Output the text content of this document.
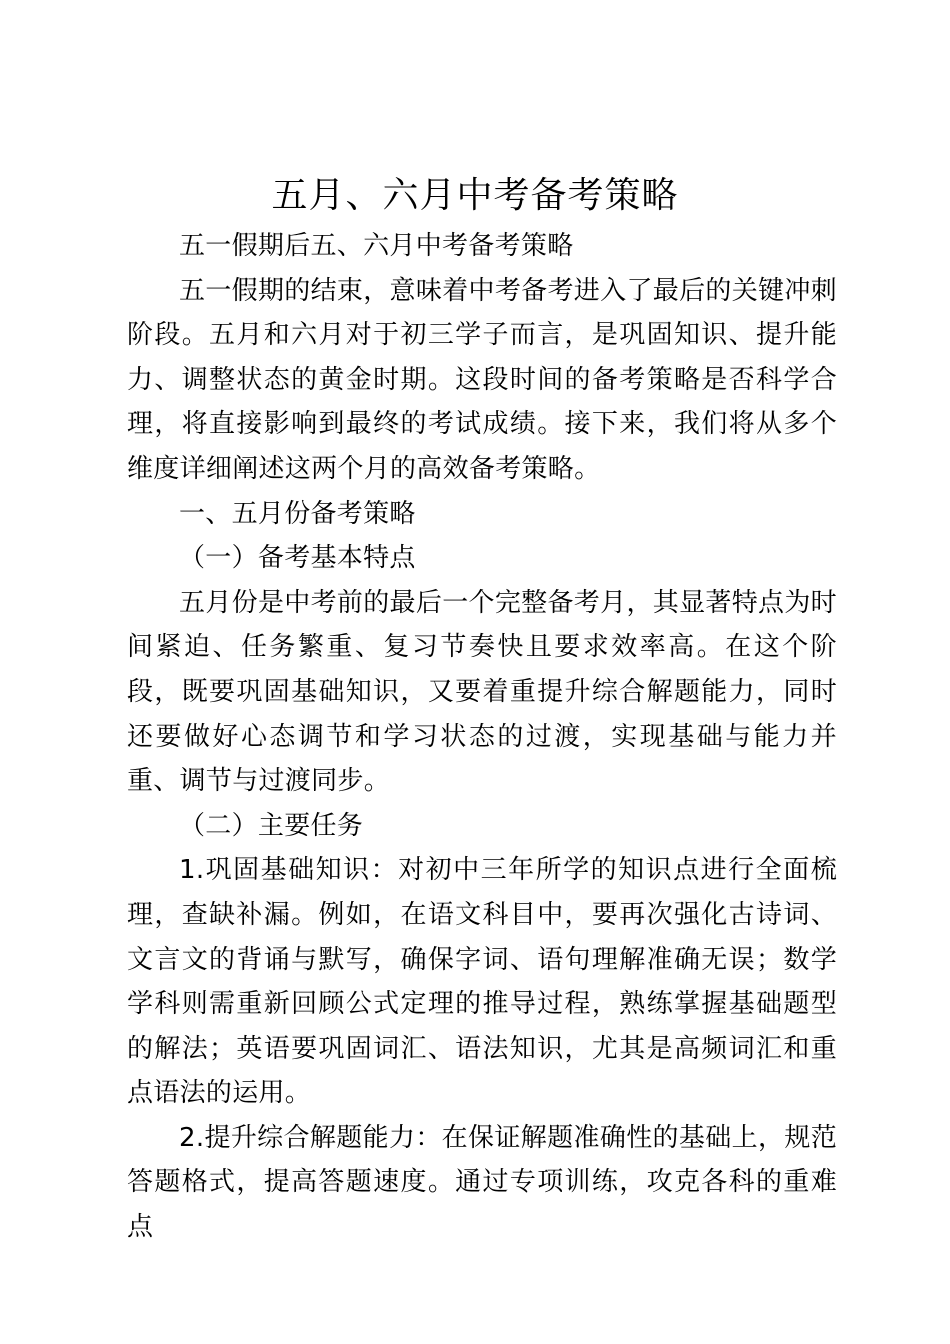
五月、六月中考备考策略

五一假期后五、六月中考备考策略

五一假期的结束，意味着中考备考进入了最后的关键冲刺阶段。五月和六月对于初三学子而言，是巩固知识、提升能力、调整状态的黄金时期。这段时间的备考策略是否科学合理，将直接影响到最终的考试成绩。接下来，我们将从多个维度详细阐述这两个月的高效备考策略。

一、五月份备考策略

（一）备考基本特点

五月份是中考前的最后一个完整备考月，其显著特点为时间紧迫、任务繁重、复习节奏快且要求效率高。在这个阶段，既要巩固基础知识，又要着重提升综合解题能力，同时还要做好心态调节和学习状态的过渡，实现基础与能力并重、调节与过渡同步。

（二）主要任务

1.巩固基础知识：对初中三年所学的知识点进行全面梳理，查缺补漏。例如，在语文科目中，要再次强化古诗词、文言文的背诵与默写，确保字词、语句理解准确无误；数学学科则需重新回顾公式定理的推导过程，熟练掌握基础题型的解法；英语要巩固词汇、语法知识，尤其是高频词汇和重点语法的运用。

2.提升综合解题能力：在保证解题准确性的基础上，规范答题格式，提高答题速度。通过专项训练，攻克各科的重难点
